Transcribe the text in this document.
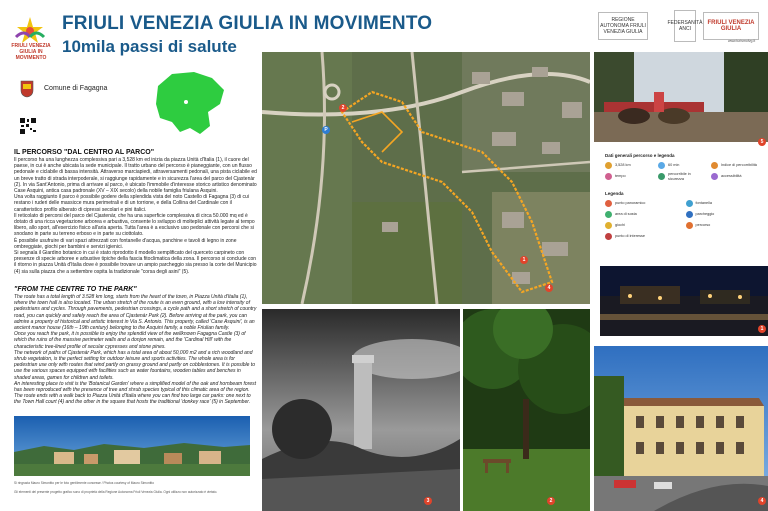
FRIULI VENEZIA GIULIA IN MOVIMENTO
FRIULI VENEZIA GIULIA IN MOVIMENTO
10mila passi di salute
REGIONE AUTONOMA FRIULI VENEZIA GIULIA
FEDERSANITÀ ANCI
FRIULI VENEZIA GIULIA
www.turismofvg.it
Comune di Fagagna
IL PERCORSO "DAL CENTRO AL PARCO"
Il percorso ha una lunghezza complessiva pari a 3,528 km ed inizia da piazza Unità d'Italia (1), il cuore del paese, in cui è anche ubicata la sede municipale. Il tratto urbano del percorso è pianeggiante, con un flusso pedonale e ciclabile di bassa intensità. Attraverso marciapiedi, attraversamenti pedonali, una pista ciclabile ed un breve tratto di strada interpoderale, si raggiunge rapidamente e in sicurezza l'area del parco del Cjastenàr (2). In via Sant'Antonio, prima di arrivare al parco, è ubicato l'immobile d'interesse storico artistico denominato Case Asquini, antica casa padronale (XV – XIX secolo) della nobile famiglia friulana Asquini.
Una volta raggiunto il parco è possibile godere della splendida vista del noto Castello di Fagagna (3) di cui restano i ruderi delle massicce mura perimetrali e di un torrione, e della Collina del Cardinale con il caratteristico profilo alberato di cipressi secolari e pini italici.
Il reticolato di percorsi del parco del Cjastenàr, che ha una superficie complessiva di circa 50.000 mq ed è dotato di una ricca vegetazione arborea e arbustiva, consente lo sviluppo di molteplici attività legate al tempo libero, allo sport, all'esercizio fisico all'aria aperta. Tutta l'area è a esclusivo uso pedonale con percorsi che si snodano in parte su terreno erboso e in parte su ciottolato.
È possibile usufruire di vari spazi attrezzati con fontanelle d'acqua, panchine e tavoli di legno in zone ombreggiate, giochi per bambini e servizi igienici.
Si segnala il Giardino botanico in cui è stato riprodotto il modello semplificato del querceto carpineto con presenze di specie arboree e arbustive tipiche della fascia fitoclimatica della zona. Il percorso si conclude con il ritorno in piazza Unità d'Italia dove è possibile trovare un ampio parcheggio sia presso la corte del Municipio (4) sia sulla piazza che a settembre ospita la tradizionale "corsa degli asini" (5).
"FROM THE CENTRE TO THE PARK"
The route has a total length of 3.528 km long, starts from the heart of the town, in Piazza Unità d'Italia (1), where the town hall is also located. The urban stretch of the route is an even ground, with a low intensity of pedestrians and cycles. Through pavements, pedestrian crossings, a cycle path and a short stretch of country road, you can quickly and safely reach the area of Cjastenàr Park (2). Before arriving at the park, you can admire a property of historical and artistic interest in Via S. Antonio. This property, called 'Case Asquini', is an ancient manor house (16th – 19th century) belonging to the Asquini family, a noble Friulian family.
Once you reach the park, it is possible to enjoy the splendid view of the wellknown Fagagna Castle (3) of which the ruins of the massive perimeter walls and a donjon remain, and the 'Cardinal Hill' with the characteristic tree-lined profile of secular cypresses and stone pines.
The network of paths of Cjastenàr Park, which has a total area of about 50,000 m2 and a rich woodland and shrub vegetation, is the perfect setting for outdoor leisure and sports activities. The whole area is for pedestrian use only with routes that wind partly on grassy ground and partly on cobblestones. It is possible to use the various spaces equipped with facilities such as water fountains, wooden tables and benches in shaded areas, games for children and toilets.
An interesting place to visit is the 'Botanical Garden' where a simplified model of the oak and hornbeam forest has been reproduced with the presence of tree and shrub species typical of this climatic area of the region. The route ends with a walk back to Piazza Unità d'Italia where you can find two large car parks: one next to the Town Hall court (4) and the other in the square that hosts the traditional 'donkey race' (5) in September.
Si ringrazia Mauro Simonitto per le foto gentilmente concesse / Photos courtesy of Mauro Simonitto
Gli elementi del presente progetto grafico sono di proprietà della Regione Autonoma Friuli Venezia Giulia. Ogni utilizzo non autorizzato è vietato.
2
P
1
4
3	2
5
Dati generali percorso e legenda
3,528 km	60 min	Indice di percorribilità
tempo
percorribile in sicurezza
accessibilità
Legenda
punto panoramico	fontanella
area di sosta	parcheggio
giochi	percorso
punto di interesse
1
4
